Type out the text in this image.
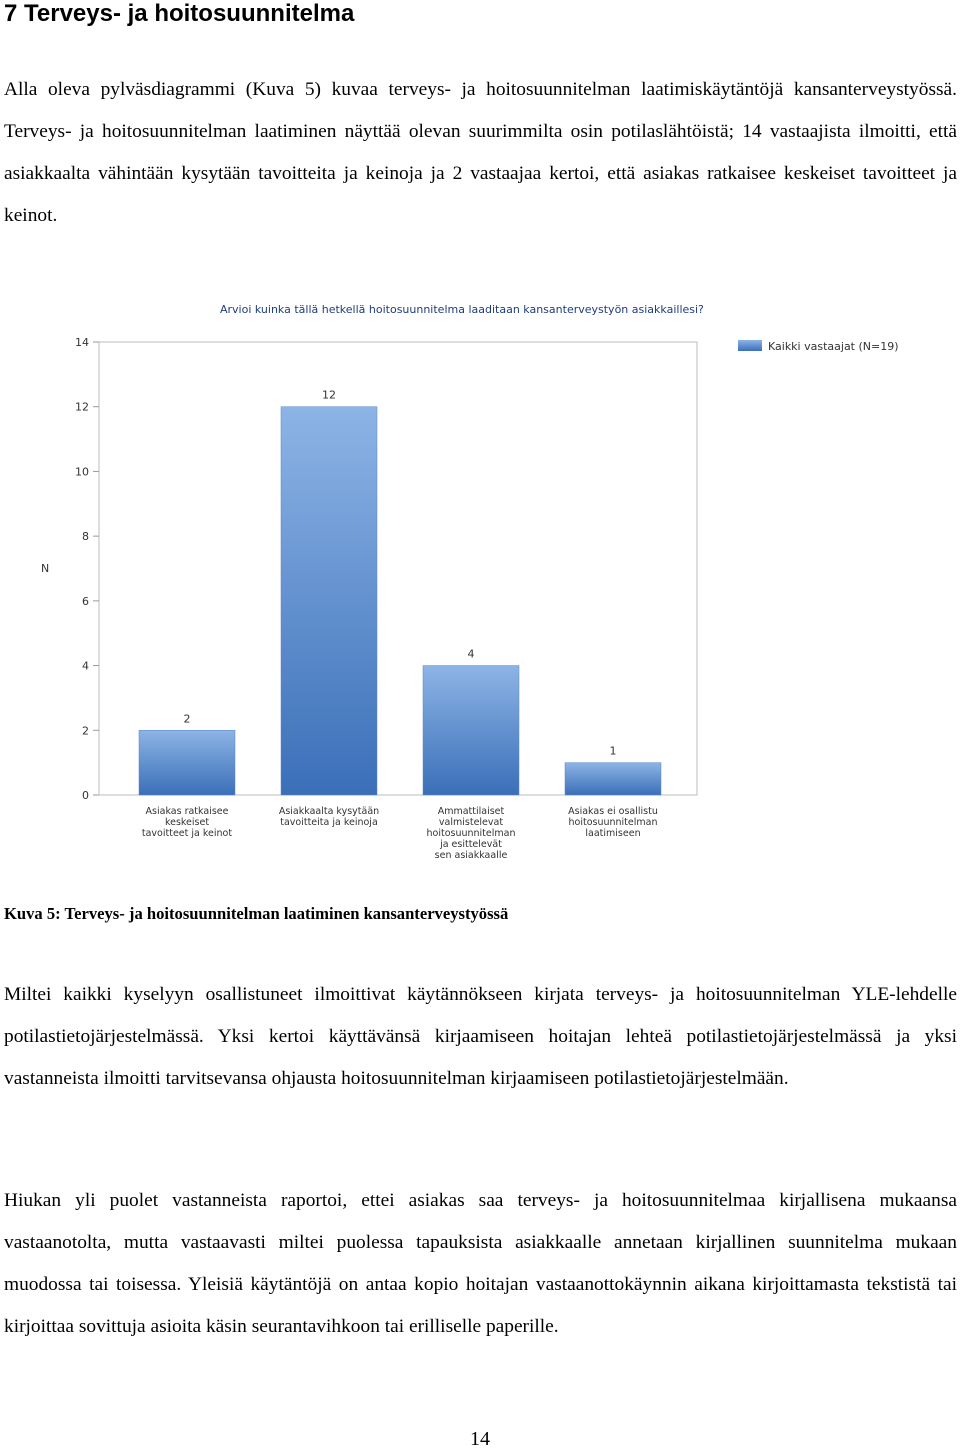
7 Terveys- ja hoitosuunnitelma

Alla oleva pylväsdiagrammi (Kuva 5) kuvaa terveys- ja hoitosuunnitelman laatimiskäytäntöjä kansanterveystyössä. Terveys- ja hoitosuunnitelman laatiminen näyttää olevan suurimmilta osin potilaslähtöistä; 14 vastaajista ilmoitti, että asiakkaalta vähintään kysytään tavoitteita ja keinoja ja 2 vastaajaa kertoi, että asiakas ratkaisee keskeiset tavoitteet ja keinot.

Arvioi kuinka tällä hetkellä hoitosuunnitelma laaditaan kansanterveystyön asiakkaillesi?
0
2
4
6
8
10
12
14
2
Asiakas ratkaisee
keskeiset
tavoitteet ja keinot
12
Asiakkaalta kysytään
tavoitteita ja keinoja
4
Ammattilaiset
valmistelevat
hoitosuunnitelman
ja esittelevät
sen asiakkaalle
1
Asiakas ei osallistu
hoitosuunnitelman
laatimiseen
N
Kaikki vastaajat (N=19)

Kuva 5: Terveys- ja hoitosuunnitelman laatiminen kansanterveystyössä

Miltei kaikki kyselyyn osallistuneet ilmoittivat käytännökseen kirjata terveys- ja hoitosuunnitelman YLE-lehdelle potilastietojärjestelmässä. Yksi kertoi käyttävänsä kirjaamiseen hoitajan lehteä potilastietojärjestelmässä ja yksi vastanneista ilmoitti tarvitsevansa ohjausta hoitosuunnitelman kirjaamiseen potilastietojärjestelmään.

Hiukan yli puolet vastanneista raportoi, ettei asiakas saa terveys- ja hoitosuunnitelmaa kirjallisena mukaansa vastaanotolta, mutta vastaavasti miltei puolessa tapauksista asiakkaalle annetaan kirjallinen suunnitelma mukaan muodossa tai toisessa. Yleisiä käytäntöjä on antaa kopio hoitajan vastaanottokäynnin aikana kirjoittamasta tekstistä tai kirjoittaa sovittuja asioita käsin seurantavihkoon tai erilliselle paperille.

14
